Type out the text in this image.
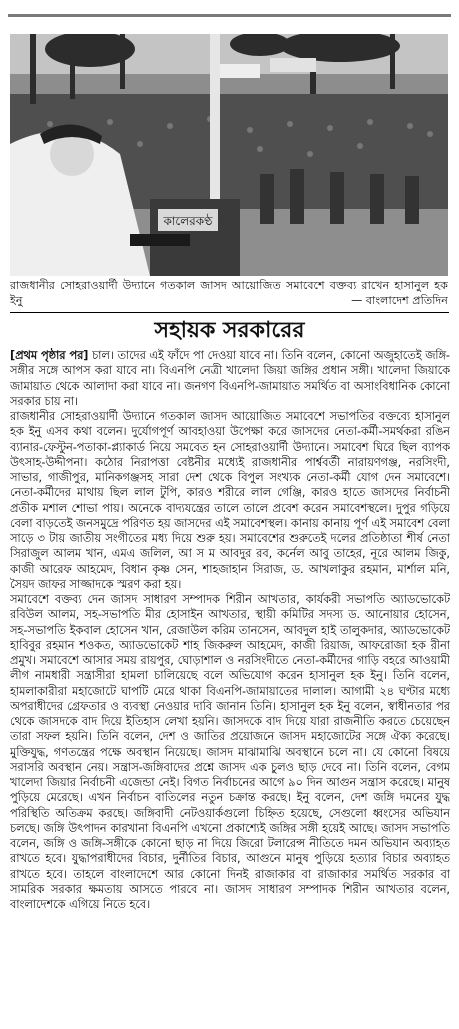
কালেরকণ্ঠ
রাজধানীর সোহরাওয়ার্দী উদ্যানে গতকাল জাসদ আয়োজিত সমাবেশে বক্তব্য রাখেন হাসানুল হক ইনু	— বাংলাদেশ প্রতিদিন
সহায়ক সরকারের

[প্রথম পৃষ্ঠার পর] চাল। তাদের এই ফাঁদে পা দেওয়া যাবে না। তিনি বলেন, কোনো অজুহাতেই জঙ্গি-সঙ্গীর সঙ্গে আপস করা যাবে না। বিএনপি নেত্রী খালেদা জিয়া জঙ্গির প্রধান সঙ্গী। খালেদা জিয়াকে জামায়াত থেকে আলাদা করা যাবে না। জনগণ বিএনপি-জামায়াত সমর্থিত বা অসাংবিধানিক কোনো সরকার চায় না।

রাজধানীর সোহরাওয়ার্দী উদ্যানে গতকাল জাসদ আয়োজিত সমাবেশে সভাপতির বক্তব্যে হাসানুল হক ইনু এসব কথা বলেন। দুর্যোগপূর্ণ আবহাওয়া উপেক্ষা করে জাসদের নেতা-কর্মী-সমর্থকরা রঙিন ব্যানার-ফেস্টুন-পতাকা-প্ল্যাকার্ড নিয়ে সমবেত হন সোহরাওয়ার্দী উদ্যানে। সমাবেশ ঘিরে ছিল ব্যাপক উৎসাহ-উদ্দীপনা। কঠোর নিরাপত্তা বেষ্টনীর মধ্যেই রাজধানীর পার্শ্ববর্তী নারায়ণগঞ্জ, নরসিংদী, সাভার, গাজীপুর, মানিকগঞ্জসহ সারা দেশ থেকে বিপুল সংখ্যক নেতা-কর্মী যোগ দেন সমাবেশে। নেতা-কর্মীদের মাথায় ছিল লাল টুপি, কারও শরীরে লাল গেঞ্জি, কারও হাতে জাসদের নির্বাচনী প্রতীক মশাল শোভা পায়। অনেকে বাদ্যযন্ত্রের তালে তালে প্রবেশ করেন সমাবেশস্থলে। দুপুর গড়িয়ে বেলা বাড়তেই জনসমুদ্রে পরিণত হয় জাসদের এই সমাবেশস্থল। কানায় কানায় পূর্ণ এই সমাবেশ বেলা সাড়ে ৩ টায় জাতীয় সংগীতের মধ্য দিয়ে শুরু হয়। সমাবেশের শুরুতেই দলের প্রতিষ্ঠাতা শীর্ষ নেতা সিরাজুল আলম খান, এমএ জলিল, আ স ম আবদুর রব, কর্নেল আবু তাহের, নূরে আলম জিকু, কাজী আরেফ আহমেদ, বিধান কৃষ্ণ সেন, শাহজাহান সিরাজ, ড. আখলাকুর রহমান, মার্শাল মনি, সৈয়দ জাফর সাজ্জাদকে স্মরণ করা হয়।

সমাবেশে বক্তব্য দেন জাসদ সাধারণ সম্পাদক শিরীন আখতার, কার্যকরী সভাপতি অ্যাডভোকেট রবিউল আলম, সহ-সভাপতি মীর হোসাইন আখতার, স্থায়ী কমিটির সদস্য ড. আনোয়ার হোসেন, সহ-সভাপতি ইকবাল হোসেন খান, রেজাউল করিম তানসেন, আবদুল হাই তালুকদার, অ্যাডভোকেট হাবিবুর রহমান শওকত, অ্যাডভোকেট শাহ জিকরুল আহমেদ, কাজী রিয়াজ, আফরোজা হক রীনা প্রমুখ। সমাবেশে আসার সময় রায়পুর, ঘোড়াশাল ও নরসিংদীতে নেতা-কর্মীদের গাড়ি বহরে আওয়ামী লীগ নামধারী সন্ত্রাসীরা হামলা চালিয়েছে বলে অভিযোগ করেন হাসানুল হক ইনু। তিনি বলেন, হামলাকারীরা মহাজোটে ঘাপটি মেরে থাকা বিএনপি-জামায়াতের দালাল। আগামী ২৪ ঘণ্টার মধ্যে অপরাধীদের গ্রেফতার ও ব্যবস্থা নেওয়ার দাবি জানান তিনি। হাসানুল হক ইনু বলেন, স্বাধীনতার পর থেকে জাসদকে বাদ দিয়ে ইতিহাস লেখা হয়নি। জাসদকে বাদ দিয়ে যারা রাজনীতি করতে চেয়েছেন তারা সফল হয়নি। তিনি বলেন, দেশ ও জাতির প্রয়োজনে জাসদ মহাজোটের সঙ্গে ঐক্য করেছে। মুক্তিযুদ্ধ, গণতন্ত্রের পক্ষে অবস্থান নিয়েছে। জাসদ মাঝামাঝি অবস্থানে চলে না। যে কোনো বিষয়ে সরাসরি অবস্থান নেয়। সন্ত্রাস-জঙ্গিবাদের প্রশ্নে জাসদ এক চুলও ছাড় দেবে না। তিনি বলেন, বেগম খালেদা জিয়ার নির্বাচনী এজেন্ডা নেই। বিগত নির্বাচনের আগে ৯০ দিন আগুন সন্ত্রাস করেছে। মানুষ পুড়িয়ে মেরেছে। এখন নির্বাচন বাতিলের নতুন চক্রান্ত করছে। ইনু বলেন, দেশ জঙ্গি দমনের যুদ্ধ পরিস্থিতি অতিক্রম করছে। জঙ্গিবাদী নেটওয়ার্কগুলো চিহ্নিত হয়েছে, সেগুলো ধ্বংসের অভিযান চলছে। জঙ্গি উৎপাদন কারখানা বিএনপি এখনো প্রকাশ্যেই জঙ্গির সঙ্গী হয়েই আছে। জাসদ সভাপতি বলেন, জঙ্গি ও জঙ্গি-সঙ্গীকে কোনো ছাড় না দিয়ে জিরো টলারেন্স নীতিতে দমন অভিযান অব্যাহত রাখতে হবে। যুদ্ধাপরাধীদের বিচার, দুর্নীতির বিচার, আগুনে মানুষ পুড়িয়ে হত্যার বিচার অব্যাহত রাখতে হবে। তাহলে বাংলাদেশে আর কোনো দিনই রাজাকার বা রাজাকার সমর্থিত সরকার বা সামরিক সরকার ক্ষমতায় আসতে পারবে না। জাসদ সাধারণ সম্পাদক শিরীন আখতার বলেন, বাংলাদেশকে এগিয়ে নিতে হবে।
